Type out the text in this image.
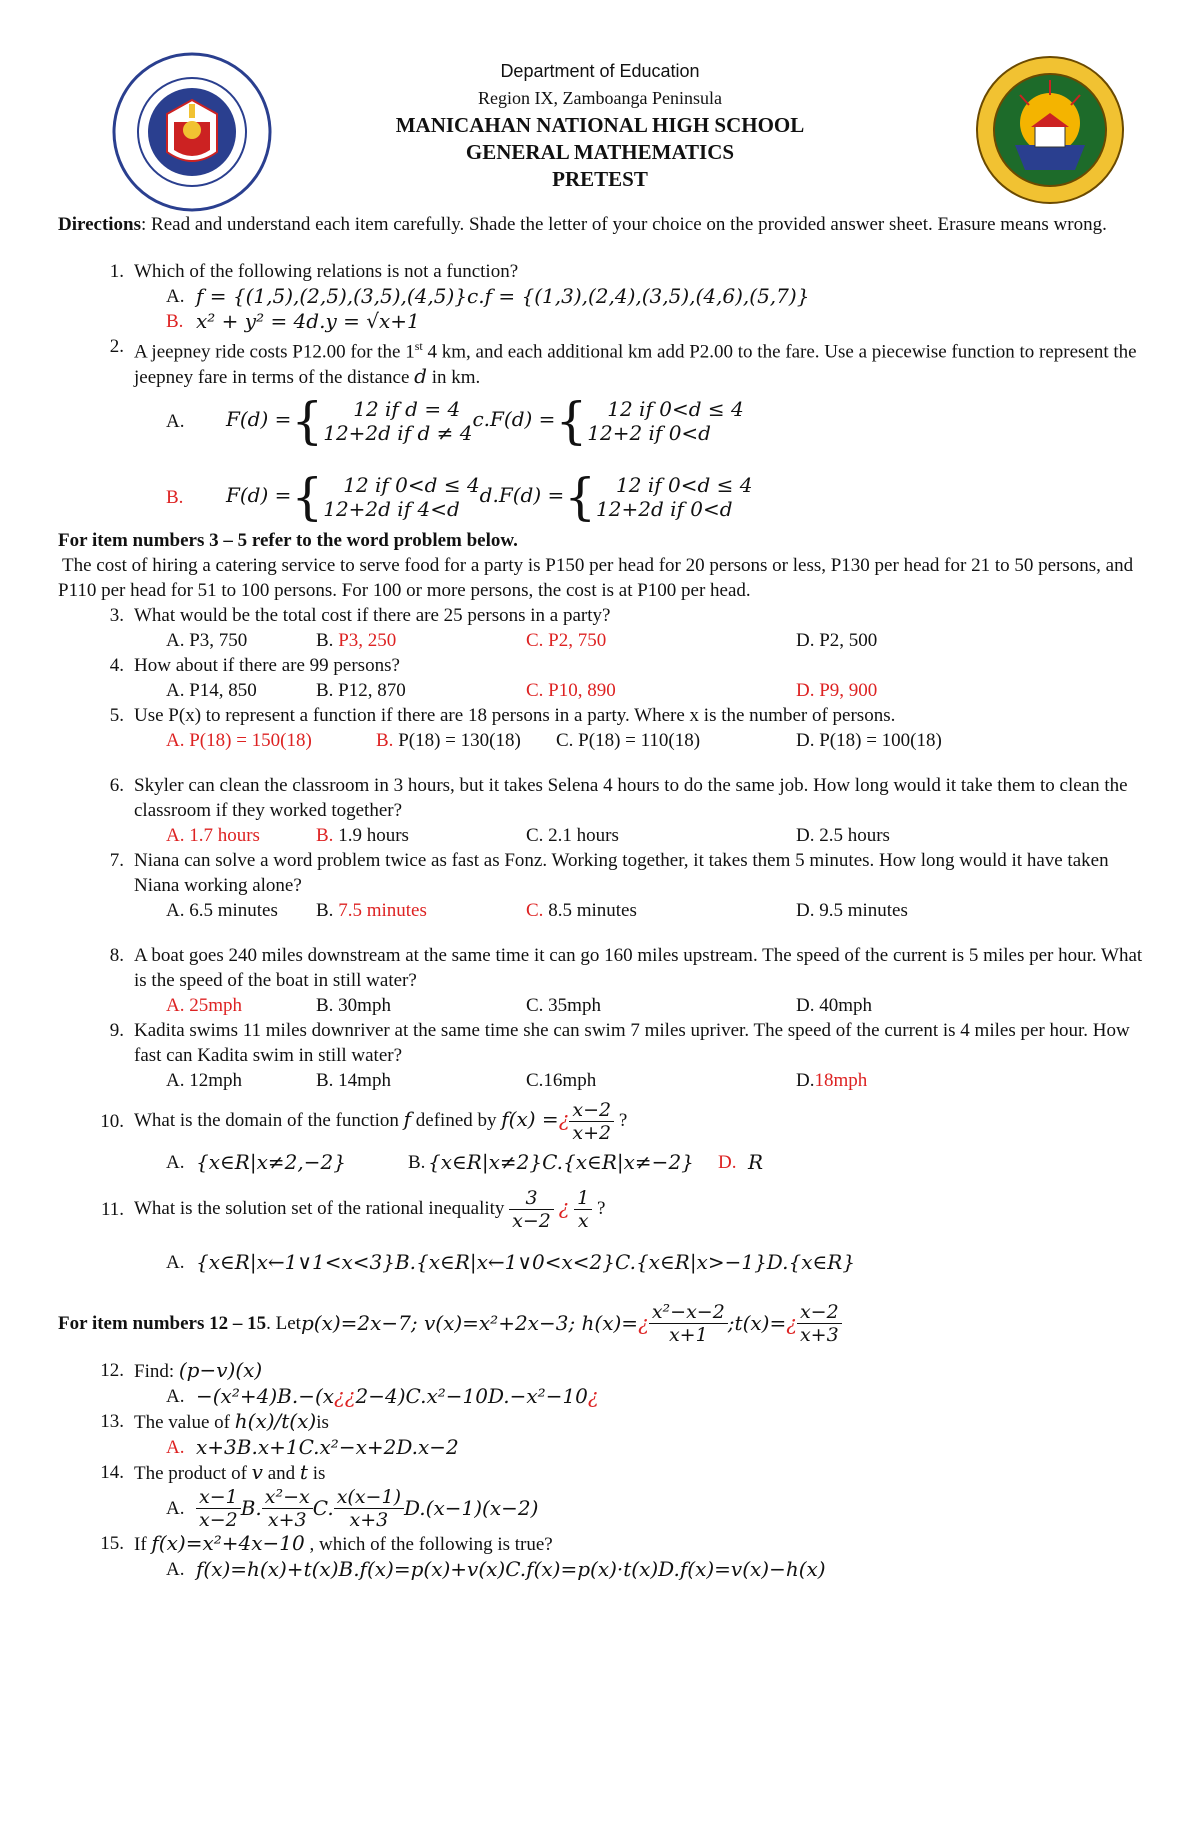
Department of Education
Region IX, Zamboanga Peninsula
MANICAHAN NATIONAL HIGH SCHOOL
GENERAL MATHEMATICS
PRETEST

Directions: Read and understand each item carefully. Shade the letter of your choice on the provided answer sheet. Erasure means wrong.

1. Which of the following relations is not a function?
A. f = {(1,5),(2,5),(3,5),(4,5)}c.f = {(1,3),(2,4),(3,5),(4,6),(5,7)}
B. x² + y² = 4d.y = √x+1
2. A jeepney ride costs P12.00 for the 1st 4 km, and each additional km add P2.00 to the fare. Use a piecewise function to represent the jeepney fare in terms of the distance d in km.
A.	F(d) ={	12 if d = 4
12+2d if d ≠ 4
c.F(d) ={	12 if 0<d ≤ 4
12+2 if 0<d
B.	F(d) ={	12 if 0<d ≤ 4
12+2d if 4<d
d.F(d) ={	12 if 0<d ≤ 4
12+2d if 0<d

For item numbers 3 – 5 refer to the word problem below.

The cost of hiring a catering service to serve food for a party is P150 per head for 20 persons or less, P130 per head for 21 to 50 persons, and P110 per head for 51 to 100 persons. For 100 or more persons, the cost is at P100 per head.

3. What would be the total cost if there are 25 persons in a party?
A. P3, 750	B. P3, 250	C. P2, 750	D. P2, 500
4. How about if there are 99 persons?
A. P14, 850	B. P12, 870	C. P10, 890	D. P9, 900
5. Use P(x) to represent a function if there are 18 persons in a party. Where x is the number of persons.
A. P(18) = 150(18)	B. P(18) = 130(18)	C. P(18) = 110(18)	D. P(18) = 100(18)
6. Skyler can clean the classroom in 3 hours, but it takes Selena 4 hours to do the same job. How long would it take them to clean the classroom if they worked together?
A. 1.7 hours	B. 1.9 hours	C. 2.1 hours	D. 2.5 hours
7. Niana can solve a word problem twice as fast as Fonz. Working together, it takes them 5 minutes. How long would it have taken Niana working alone?
A. 6.5 minutes	B. 7.5 minutes	C. 8.5 minutes	D. 9.5 minutes
8. A boat goes 240 miles downstream at the same time it can go 160 miles upstream. The speed of the current is 5 miles per hour. What is the speed of the boat in still water?
A. 25mph	B. 30mph	C. 35mph	D. 40mph
9. Kadita swims 11 miles downriver at the same time she can swim 7 miles upriver. The speed of the current is 4 miles per hour. How fast can Kadita swim in still water?
A. 12mph	B. 14mph	C.16mph	D.18mph
10. What is the domain of the function f defined by f(x) =¿ $\frac{x-2}{x+2}$ ?
A. {x∈R|x≠2,−2}	B. {x∈R|x≠2}C.{x∈R|x≠−2}	D. R
11. What is the solution set of the rational inequality $\frac{3}{x-2}$ ¿ $\frac{1}{x}$ ?
A. {x∈R|x←1∨1<x<3}B.{x∈R|x←1∨0<x<2}C.{x∈R|x>−1}D.{x∈R}
For item numbers 12 – 15 . Let p(x)=2x−7; v(x)=x²+2x−3; h(x)= ¿ $\frac{\text{x²−x−2}}{x+1}$ ;t(x)= ¿ $\frac{x-2}{x+3}$
12. Find: (p−v)(x)
A. −(x²+4)B.−(x¿¿2−4)C.x²−10D.−x²−10¿
13. The value of h(x)/t(x)is
A. x+3B.x+1C.x²−x+2D.x−2
14. The product of v and t is
A. $\frac{x-1}{x-2} B$. $\frac{\text{x²−x}}{x+3} C$. $\frac{x(x-1)}{x+3} D.(x-1)(x-2)$
15. If f(x)=x²+4x−10 , which of the following is true?
A. f(x)=h(x)+t(x)B.f(x)=p(x)+v(x)C.f(x)=p(x)·t(x)D.f(x)=v(x)−h(x)
